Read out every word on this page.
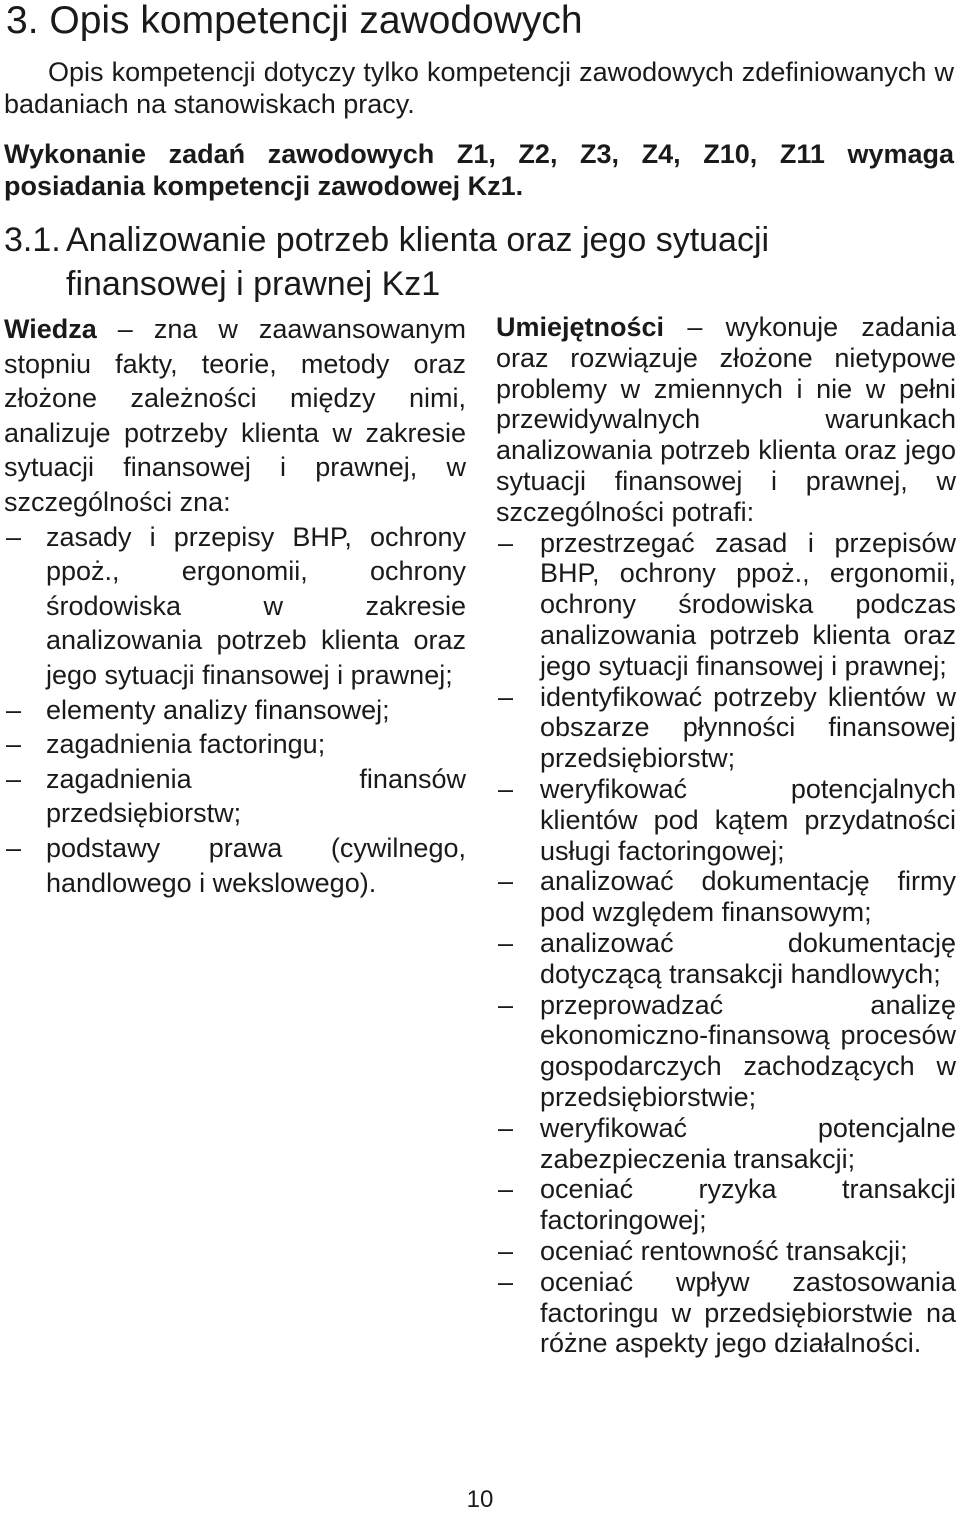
3. Opis kompetencji zawodowych

Opis kompetencji dotyczy tylko kompetencji zawodowych zdefiniowanych w badaniach na stanowiskach pracy.

Wykonanie zadań zawodowych Z1, Z2, Z3, Z4, Z10, Z11 wymaga posiadania kompetencji zawodowej Kz1.

3.1. Analizowanie potrzeb klienta oraz jego sytuacji
finansowej i prawnej Kz1

Wiedza – zna w zaawansowanym stopniu fakty, teorie, metody oraz złożone zależności między nimi, analizuje potrzeby klienta w zakresie sytuacji finansowej i prawnej, w szczególności zna:

– zasady i przepisy BHP, ochrony ppoż., ergonomii, ochrony środowiska w zakresie analizowania potrzeb klienta oraz jego sytuacji finansowej i prawnej;
– elementy analizy finansowej;
– zagadnienia factoringu;
– zagadnienia finansów przedsiębiorstw;
– podstawy prawa (cywilnego, handlowego i wekslowego).

Umiejętności – wykonuje zadania oraz rozwiązuje złożone nietypowe problemy w zmiennych i nie w pełni przewidywalnych warunkach analizowania potrzeb klienta oraz jego sytuacji finansowej i prawnej, w szczególności potrafi:

– przestrzegać zasad i przepisów BHP, ochrony ppoż., ergonomii, ochrony środowiska podczas analizowania potrzeb klienta oraz jego sytuacji finansowej i prawnej;
– identyfikować potrzeby klientów w obszarze płynności finansowej przedsiębiorstw;
– weryfikować potencjalnych klientów pod kątem przydatności usługi factoringowej;
– analizować dokumentację firmy pod względem finansowym;
– analizować dokumentację dotyczącą transakcji handlowych;
– przeprowadzać analizę ekonomiczno-finansową procesów gospodarczych zachodzących w przedsiębiorstwie;
– weryfikować potencjalne zabezpieczenia transakcji;
– oceniać ryzyka transakcji factoringowej;
– oceniać rentowność transakcji;
– oceniać wpływ zastosowania factoringu w przedsiębiorstwie na różne aspekty jego działalności.
10
